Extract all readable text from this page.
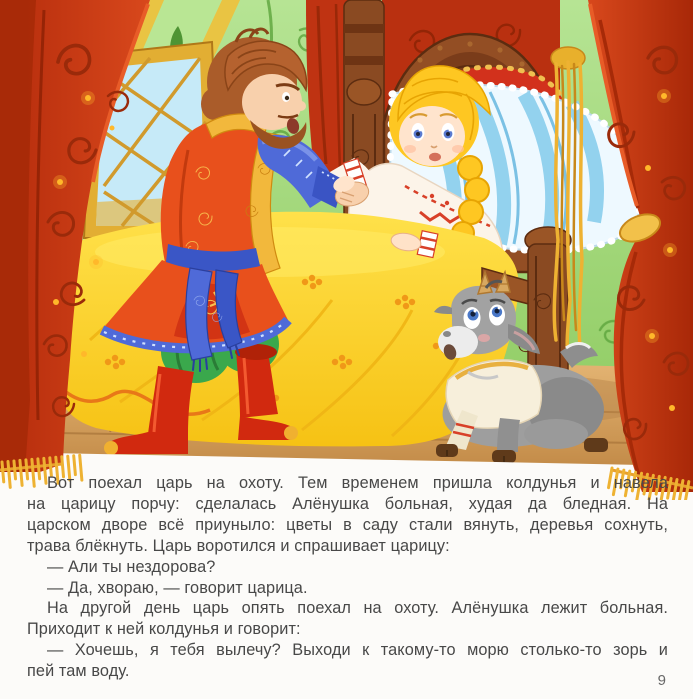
Вот поехал царь на охоту. Тем временем пришла колдунья и навела
на царицу порчу: сделалась Алёнушка больная, худая да бледная. На
царском дворе всё приуныло: цветы в саду стали вянуть, деревья сохнуть,
трава блёкнуть. Царь воротился и спрашивает царицу:
— Али ты нездорова?
— Да, хвораю, — говорит царица.
На другой день царь опять поехал на охоту. Алёнушка лежит больная.
Приходит к ней колдунья и говорит:
— Хочешь, я тебя вылечу? Выходи к такому-то морю столько-то зорь и
пей там воду.
9
